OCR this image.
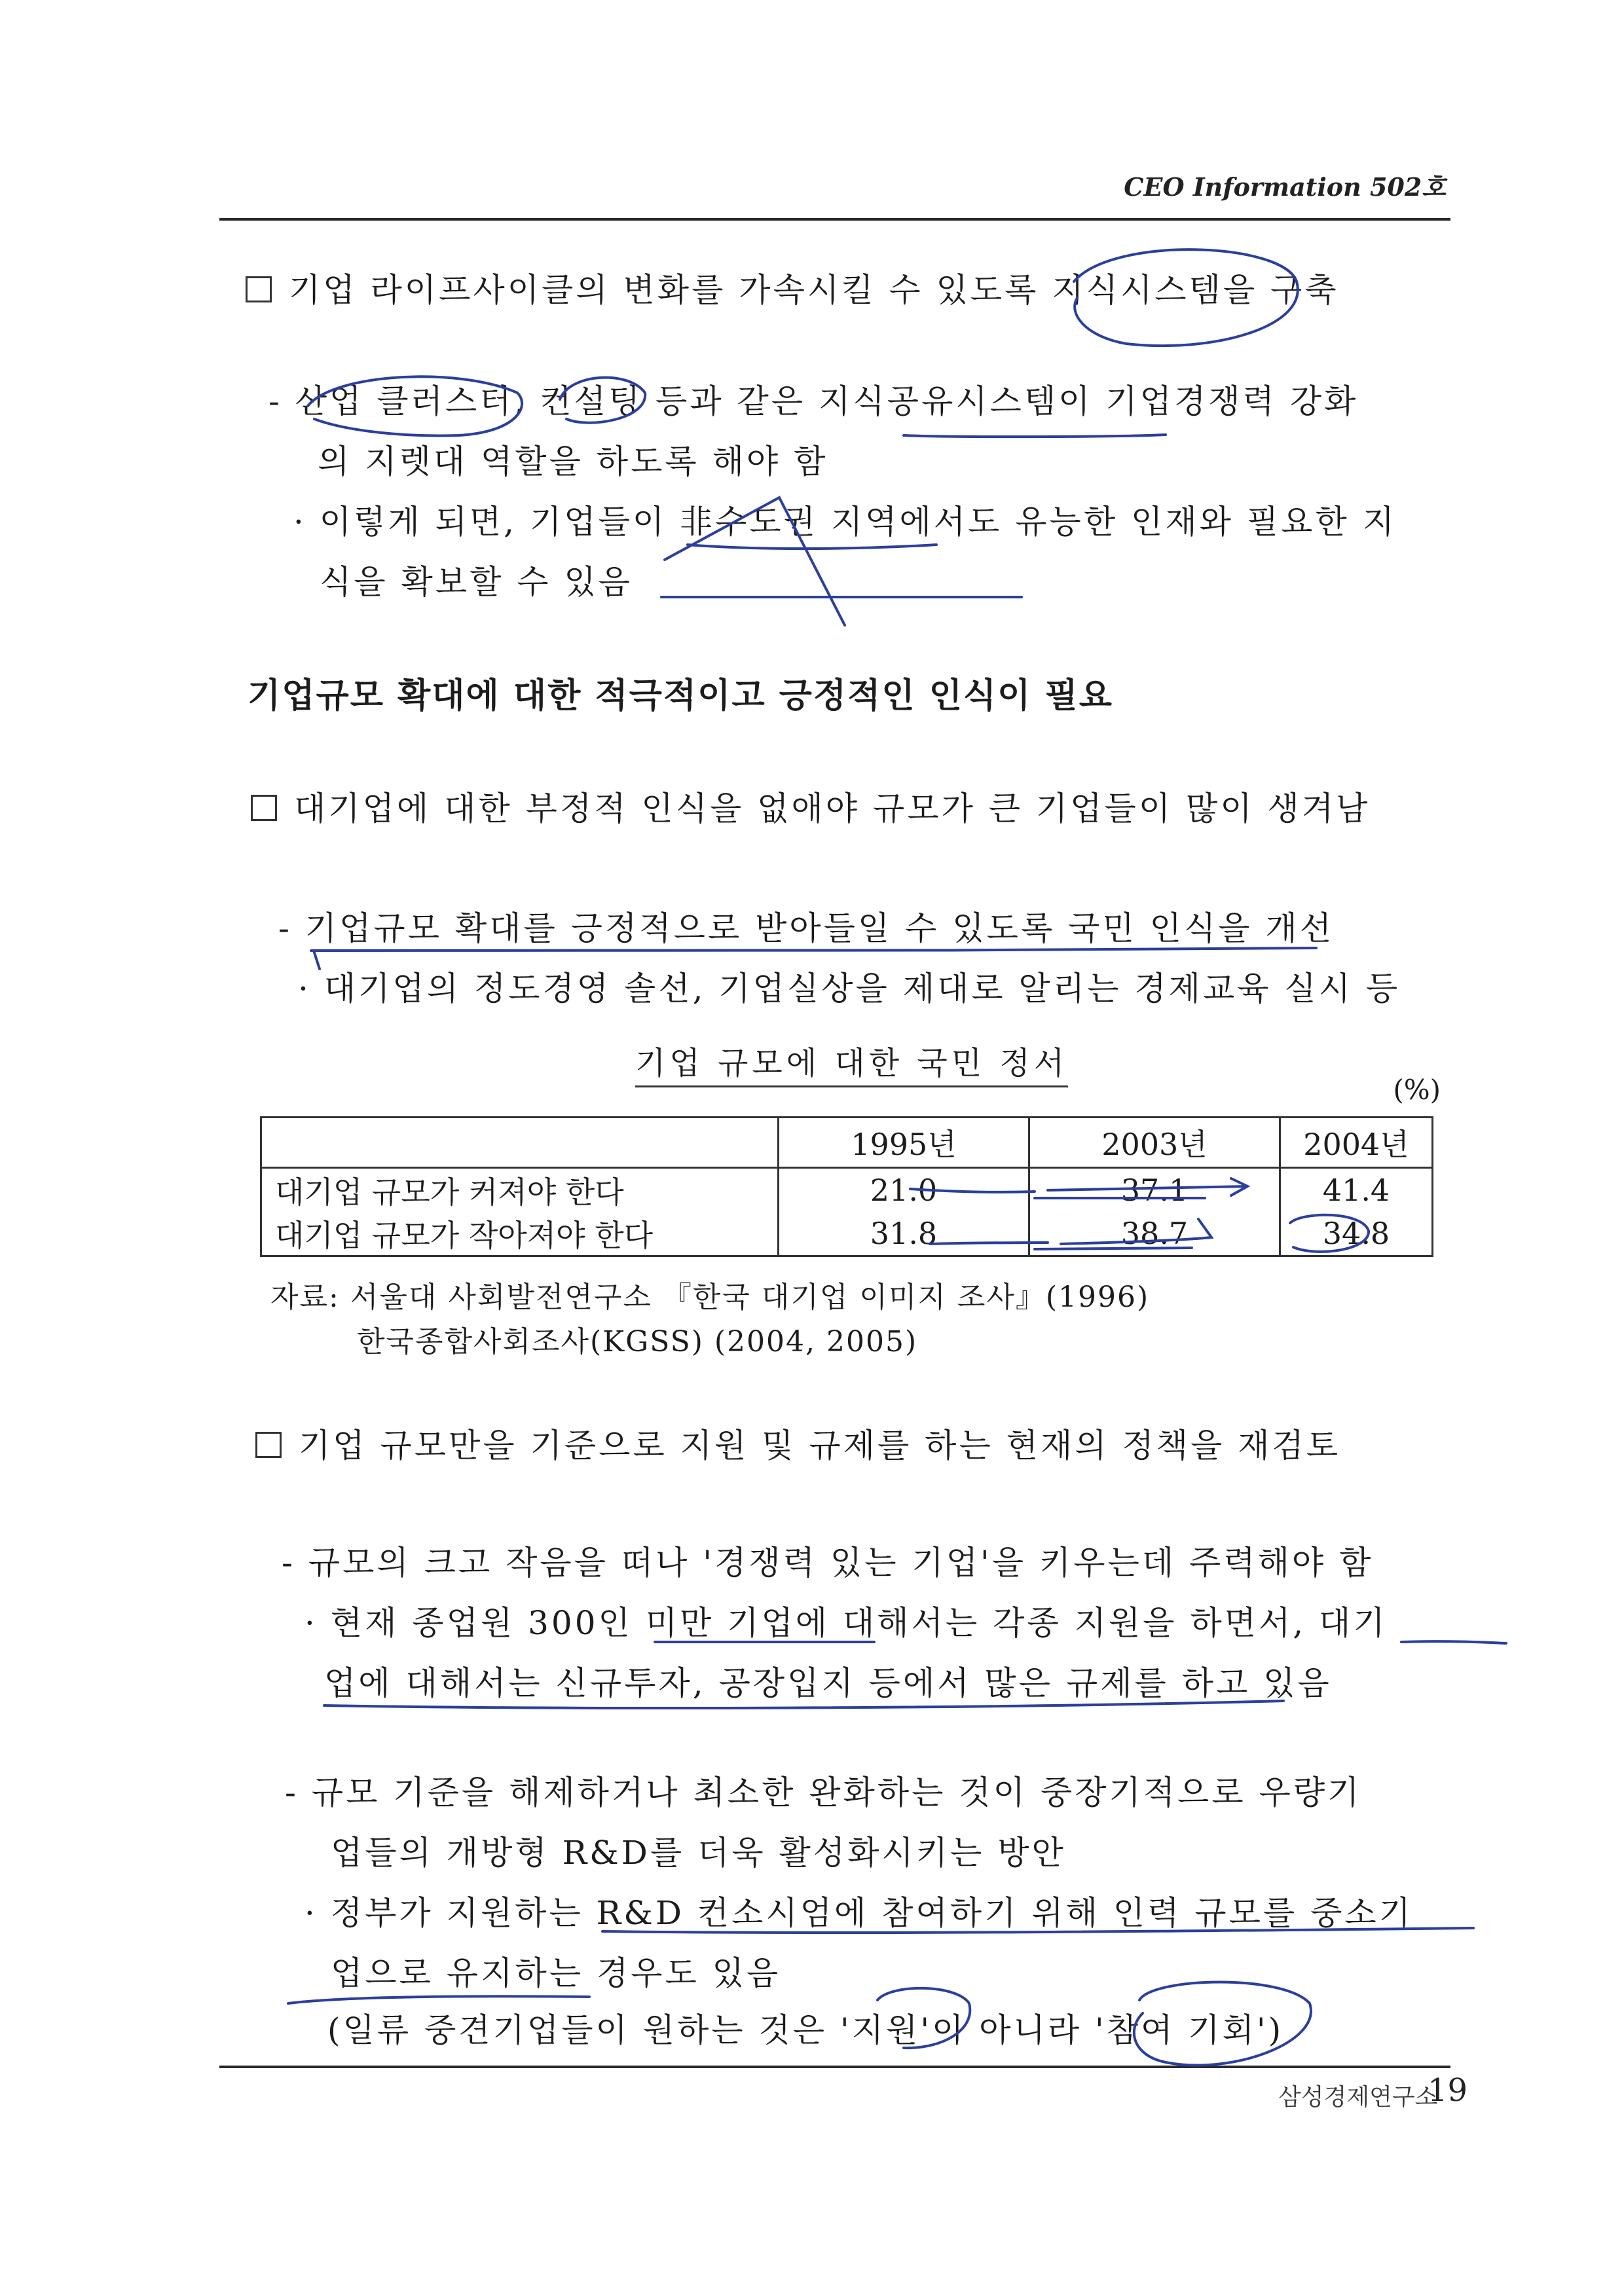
CEO Information 502호
기업 라이프사이클의 변화를 가속시킬 수 있도록 지식시스템을 구축
- 산업 클러스터, 컨설팅 등과 같은 지식공유시스템이 기업경쟁력 강화
의 지렛대 역할을 하도록 해야 함
· 이렇게 되면, 기업들이 非수도권 지역에서도 유능한 인재와 필요한 지
식을 확보할 수 있음
기업규모 확대에 대한 적극적이고 긍정적인 인식이 필요
대기업에 대한 부정적 인식을 없애야 규모가 큰 기업들이 많이 생겨남
- 기업규모 확대를 긍정적으로 받아들일 수 있도록 국민 인식을 개선
· 대기업의 정도경영 솔선, 기업실상을 제대로 알리는 경제교육 실시 등
기업 규모에 대한 국민 정서
(%)
	1995년	2003년	2004년
대기업 규모가 커져야 한다	21.0	37.1	41.4
대기업 규모가 작아져야 한다	31.8	38.7	34.8
자료: 서울대 사회발전연구소 『한국 대기업 이미지 조사』(1996)
한국종합사회조사(KGSS) (2004, 2005)
기업 규모만을 기준으로 지원 및 규제를 하는 현재의 정책을 재검토
- 규모의 크고 작음을 떠나 '경쟁력 있는 기업'을 키우는데 주력해야 함
· 현재 종업원 300인 미만 기업에 대해서는 각종 지원을 하면서, 대기
업에 대해서는 신규투자, 공장입지 등에서 많은 규제를 하고 있음
- 규모 기준을 해제하거나 최소한 완화하는 것이 중장기적으로 우량기
업들의 개방형 R&D를 더욱 활성화시키는 방안
· 정부가 지원하는 R&D 컨소시엄에 참여하기 위해 인력 규모를 중소기
업으로 유지하는 경우도 있음
(일류 중견기업들이 원하는 것은 '지원'이 아니라 '참여 기회')
삼성경제연구소
19
